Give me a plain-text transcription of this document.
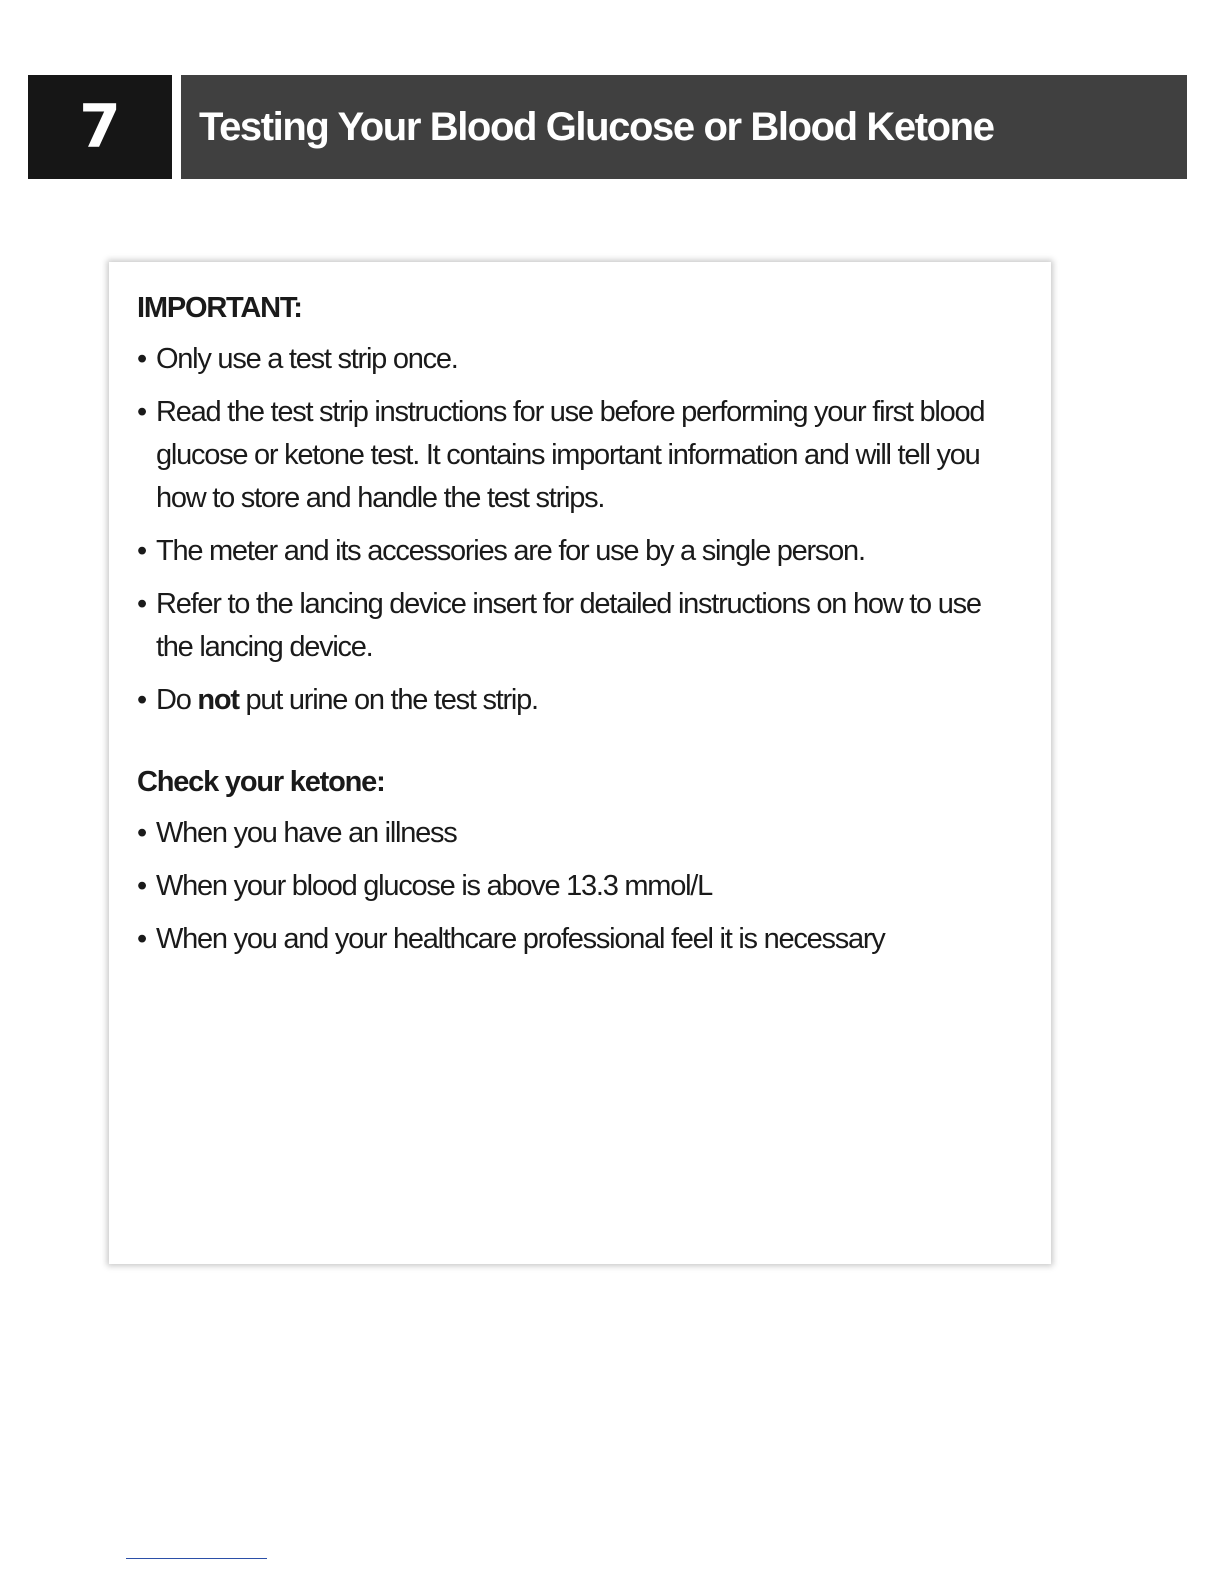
7 Testing Your Blood Glucose or Blood Ketone
IMPORTANT:
• Only use a test strip once.
• Read the test strip instructions for use before performing your first blood glucose or ketone test. It contains important information and will tell you how to store and handle the test strips.
• The meter and its accessories are for use by a single person.
• Refer to the lancing device insert for detailed instructions on how to use the lancing device.
• Do not put urine on the test strip.
Check your ketone:
• When you have an illness
• When your blood glucose is above 13.3 mmol/L
• When you and your healthcare professional feel it is necessary
